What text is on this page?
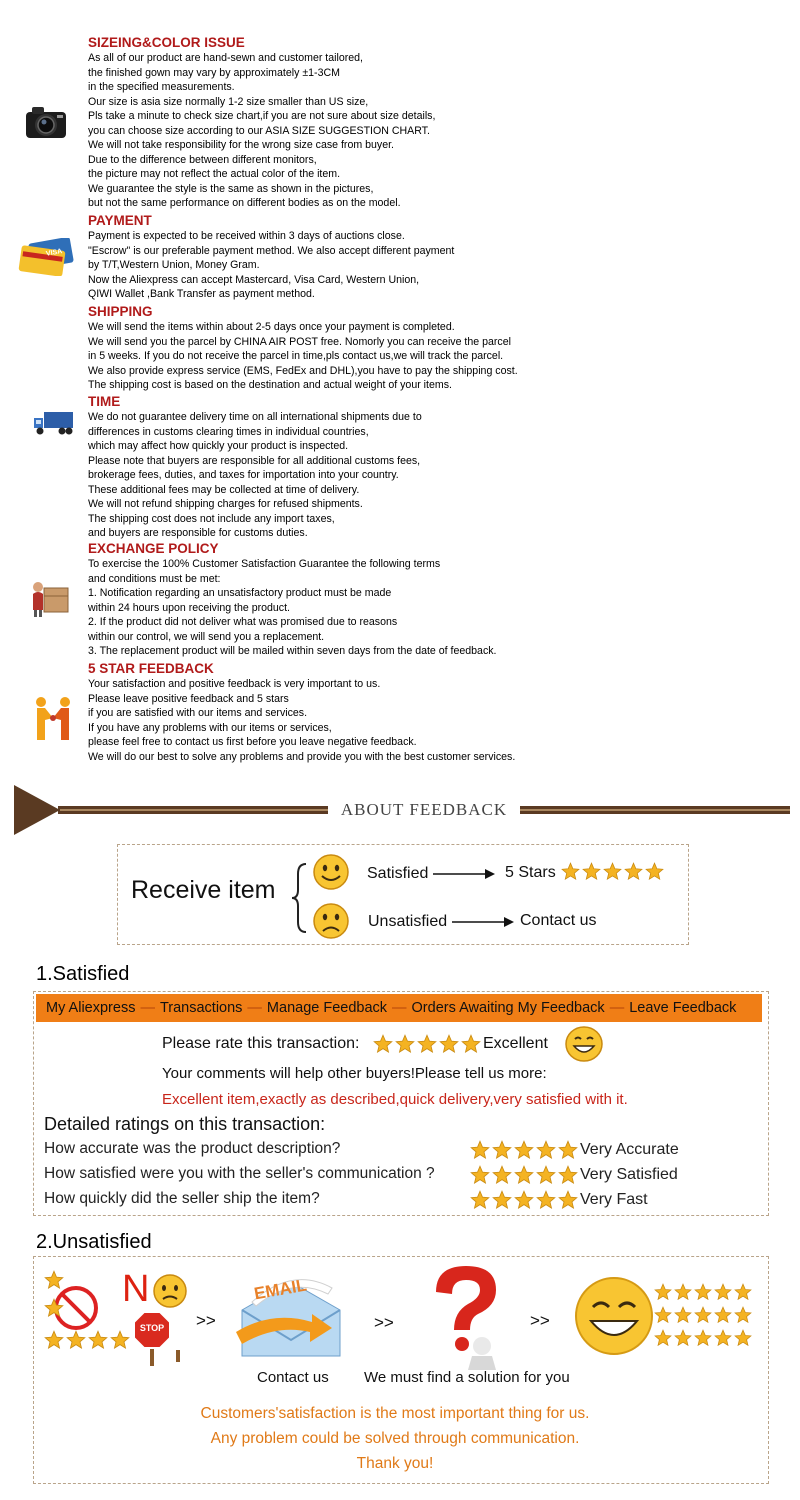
SIZEING&COLOR ISSUE
As all of our product are hand-sewn and customer tailored,
the finished gown may vary by approximately ±1-3CM
in the specified measurements.
Our size is asia size normally 1-2 size smaller than US size,
Pls take a minute to check size chart,if you are not sure about size details,
you can choose size according to our ASIA SIZE SUGGESTION CHART.
We will not take responsibility for the wrong size case from buyer.
Due to the difference between different monitors,
the picture may not reflect the actual color of the item.
We guarantee the style is the same as shown in the pictures,
but not the same performance on different bodies as on the model.
PAYMENT
Payment is expected to be received within 3 days of auctions close.
"Escrow" is our preferable payment method. We also accept different payment
by T/T,Western Union, Money Gram.
Now the Aliexpress can accept Mastercard, Visa Card, Western Union,
QIWI Wallet ,Bank Transfer as payment method.
VISA
SHIPPING
We will send the items within about 2-5 days once your payment is completed.
We will send you the parcel by CHINA AIR POST free. Nomorly you can receive the parcel
in 5 weeks. If you do not receive the parcel in time,pls contact us,we will track the parcel.
We also provide express service (EMS, FedEx and DHL),you have to pay the shipping cost.
The shipping cost is based on the destination and actual weight of your items.
TIME
We do not guarantee delivery time on all international shipments due to
differences in customs clearing times in individual countries,
which may affect how quickly your product is inspected.
Please note that buyers are responsible for all additional customs fees,
brokerage fees, duties, and taxes for importation into your country.
These additional fees may be collected at time of delivery.
We will not refund shipping charges for refused shipments.
The shipping cost does not include any import taxes,
and buyers are responsible for customs duties.
EXCHANGE POLICY
To exercise the 100% Customer Satisfaction Guarantee the following terms
and conditions must be met:
1. Notification regarding an unsatisfactory product must be made
within 24 hours upon receiving the product.
2. If the product did not deliver what was promised due to reasons
within our control, we will send you a replacement.
3. The replacement product will be mailed within seven days from the date of feedback.
5 STAR FEEDBACK
Your satisfaction and positive feedback is very important to us.
Please leave positive feedback and 5 stars
if you are satisfied with our items and services.
If you have any problems with our items or services,
please feel free to contact us first before you leave negative feedback.
We will do our best to solve any problems and provide you with the best customer services.
ABOUT FEEDBACK
Receive item
Satisfied	5 Stars
Unsatisfied	Contact us
1.Satisfied
My Aliexpress — Transactions — Manage Feedback — Orders Awaiting My Feedback — Leave Feedback
Please rate this transaction:	Excellent
Your comments will help other buyers!Please tell us more:
Excellent item,exactly as described,quick delivery,very satisfied with it.
Detailed ratings on this transaction:
How accurate was the product description?	Very Accurate
How satisfied were you with the seller's communication ?	Very Satisfied
How quickly did the seller ship the item?	Very Fast
2.Unsatisfied
N
STOP >>
EMAIL
>>	>>

Contact us We must find a solution for you
Customers'satisfaction is the most important thing for us.
Any problem could be solved through communication.
Thank you!
